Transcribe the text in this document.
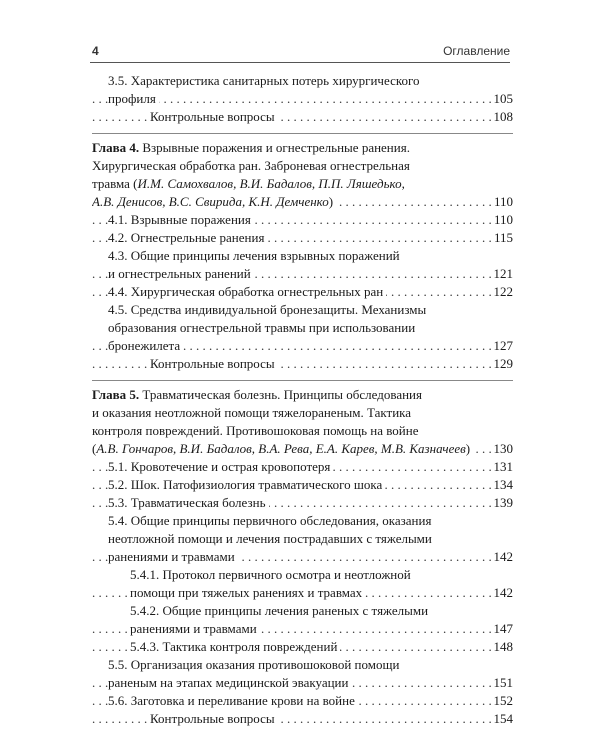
4	Оглавление
3.5. Характеристика санитарных потерь хирургического
. . . профиля	105
. . . Контрольные вопросы	108
Глава 4. Взрывные поражения и огнестрельные ранения.
Хирургическая обработка ран. Заброневая огнестрельная
травма (И.М. Самохвалов, В.И. Бадалов, П.П. Ляшедько,
. . . А.В. Денисов, В.С. Свирида, К.Н. Демченко)	110
. . . 4.1. Взрывные поражения	110
. . . 4.2. Огнестрельные ранения	115
4.3. Общие принципы лечения взрывных поражений
. . . и огнестрельных ранений	121
. . . 4.4. Хирургическая обработка огнестрельных ран	122
4.5. Средства индивидуальной бронезащиты. Механизмы
образования огнестрельной травмы при использовании
. . . бронежилета	127
. . . Контрольные вопросы	129
Глава 5. Травматическая болезнь. Принципы обследования
и оказания неотложной помощи тяжелораненым. Тактика
контроля повреждений. Противошоковая помощь на войне
. . . (А.В. Гончаров, В.И. Бадалов, В.А. Рева, Е.А. Карев, М.В. Казначеев) 130
. . . 5.1. Кровотечение и острая кровопотеря	131
. . . 5.2. Шок. Патофизиология травматического шока	134
. . . 5.3. Травматическая болезнь	139
5.4. Общие принципы первичного обследования, оказания
неотложной помощи и лечения пострадавших с тяжелыми
. . . ранениями и травмами	142
5.4.1. Протокол первичного осмотра и неотложной
. . . помощи при тяжелых ранениях и травмах	142
5.4.2. Общие принципы лечения раненых с тяжелыми
. . . ранениями и травмами	147
. . . 5.4.3. Тактика контроля повреждений	148
5.5. Организация оказания противошоковой помощи
. . . раненым на этапах медицинской эвакуации	151
. . . 5.6. Заготовка и переливание крови на войне	152
. . . Контрольные вопросы	154
